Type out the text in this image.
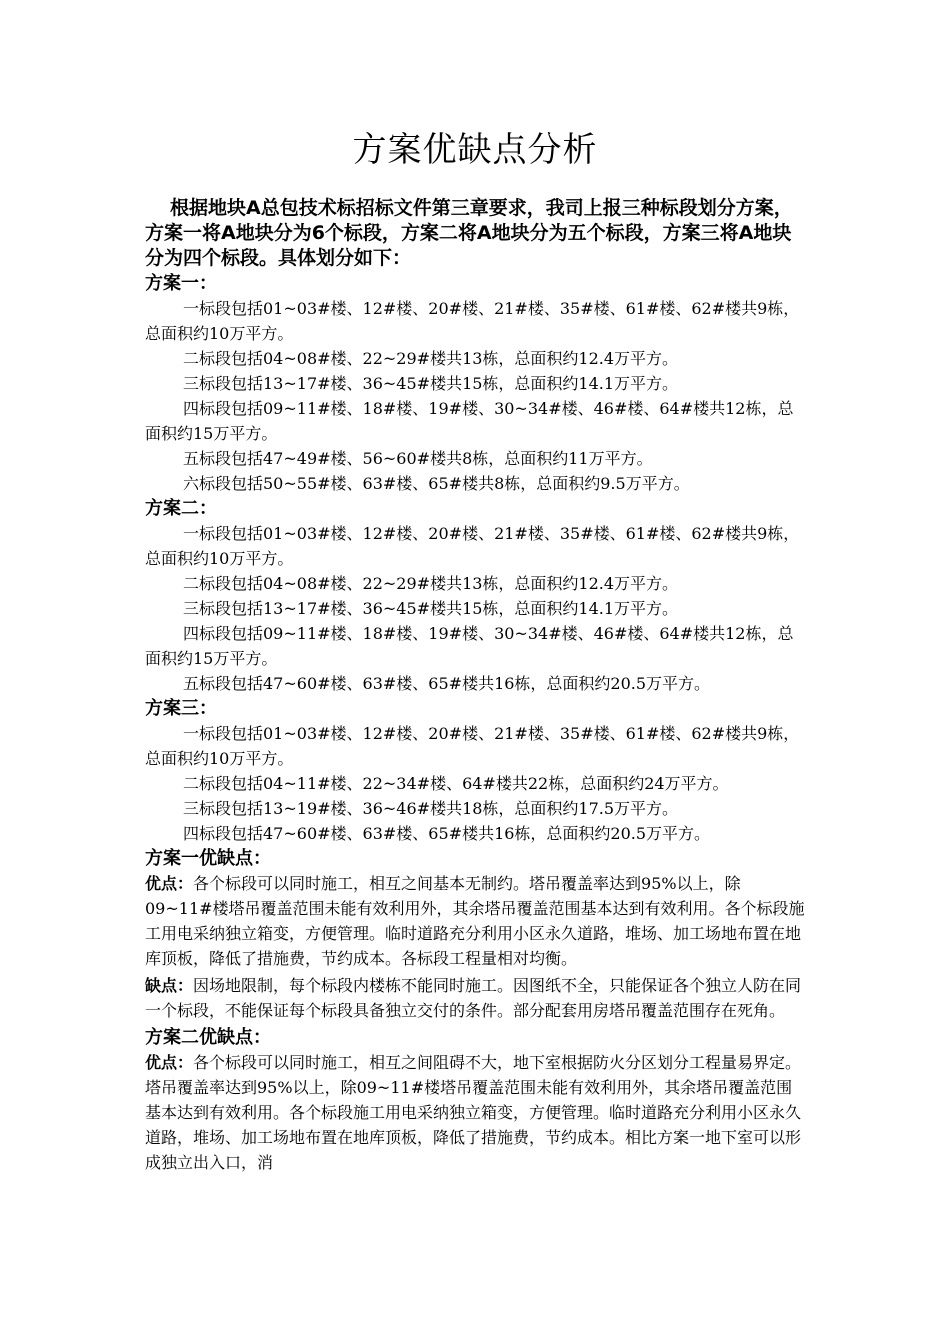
方案优缺点分析

根据地块A总包技术标招标文件第三章要求，我司上报三种标段划分方案，方案一将A地块分为6个标段，方案二将A地块分为五个标段，方案三将A地块分为四个标段。具体划分如下：

方案一：

一标段包括01~03#楼、12#楼、20#楼、21#楼、35#楼、61#楼、62#楼共9栋，总面积约10万平方。

二标段包括04~08#楼、22~29#楼共13栋，总面积约12.4万平方。

三标段包括13~17#楼、36~45#楼共15栋，总面积约14.1万平方。

四标段包括09~11#楼、18#楼、19#楼、30~34#楼、46#楼、64#楼共12栋，总面积约15万平方。

五标段包括47~49#楼、56~60#楼共8栋，总面积约11万平方。

六标段包括50~55#楼、63#楼、65#楼共8栋，总面积约9.5万平方。

方案二：

一标段包括01~03#楼、12#楼、20#楼、21#楼、35#楼、61#楼、62#楼共9栋，总面积约10万平方。

二标段包括04~08#楼、22~29#楼共13栋，总面积约12.4万平方。

三标段包括13~17#楼、36~45#楼共15栋，总面积约14.1万平方。

四标段包括09~11#楼、18#楼、19#楼、30~34#楼、46#楼、64#楼共12栋，总面积约15万平方。

五标段包括47~60#楼、63#楼、65#楼共16栋，总面积约20.5万平方。

方案三：

一标段包括01~03#楼、12#楼、20#楼、21#楼、35#楼、61#楼、62#楼共9栋，总面积约10万平方。

二标段包括04~11#楼、22~34#楼、64#楼共22栋，总面积约24万平方。

三标段包括13~19#楼、36~46#楼共18栋，总面积约17.5万平方。

四标段包括47~60#楼、63#楼、65#楼共16栋，总面积约20.5万平方。

方案一优缺点：

优点：各个标段可以同时施工，相互之间基本无制约。塔吊覆盖率达到95%以上，除09~11#楼塔吊覆盖范围未能有效利用外，其余塔吊覆盖范围基本达到有效利用。各个标段施工用电采纳独立箱变，方便管理。临时道路充分利用小区永久道路，堆场、加工场地布置在地库顶板，降低了措施费，节约成本。各标段工程量相对均衡。

缺点：因场地限制，每个标段内楼栋不能同时施工。因图纸不全，只能保证各个独立人防在同一个标段，不能保证每个标段具备独立交付的条件。部分配套用房塔吊覆盖范围存在死角。

方案二优缺点：

优点：各个标段可以同时施工，相互之间阻碍不大，地下室根据防火分区划分工程量易界定。塔吊覆盖率达到95%以上，除09~11#楼塔吊覆盖范围未能有效利用外，其余塔吊覆盖范围基本达到有效利用。各个标段施工用电采纳独立箱变，方便管理。临时道路充分利用小区永久道路，堆场、加工场地布置在地库顶板，降低了措施费，节约成本。相比方案一地下室可以形成独立出入口，消
